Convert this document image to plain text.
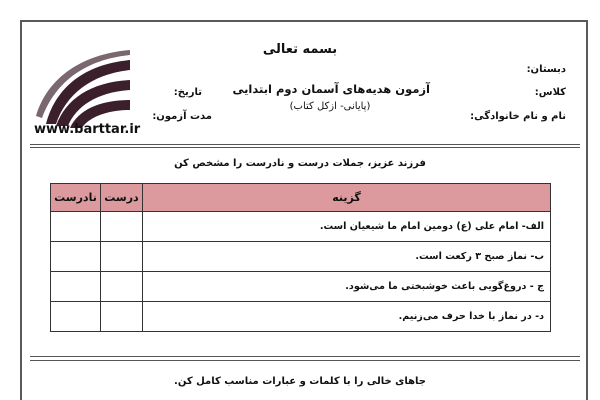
www.barttar.ir
بسمه تعالی
آزمون هدیه‌های آسمان دوم ابتدایی
(پایانی- ازکل کتاب)
دبستان:
کلاس:
نام و نام خانوادگی:
تاریخ:
مدت آزمون:
فرزند عزیز، جملات درست و نادرست را مشخص کن
نادرست	درست	گزینه
		الف- امام علی (ع) دومین امام ما شیعیان است.
		ب- نماز صبح ۳ رکعت است.
		ج - دروغ‌گویی باعث خوشبختی ما می‌شود.
		د- در نماز با خدا حرف می‌زنیم.
جاهای خالی را با کلمات و عبارات مناسب کامل کن.
